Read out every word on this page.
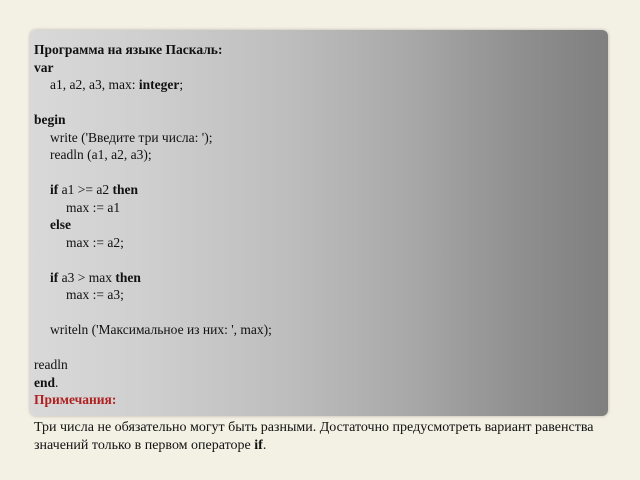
Программа на языке Паскаль:
var
a1, a2, a3, max: integer;
begin
write ('Введите три числа: ');
readln (a1, a2, a3);
if a1 >= a2 then
max := a1
else
max := a2;
if a3 > max then
max := a3;
writeln ('Максимальное из них: ', max);
readln
end.
Примечания:
Три числа не обязательно могут быть разными. Достаточно предусмотреть вариант равенства значений только в первом операторе if.
